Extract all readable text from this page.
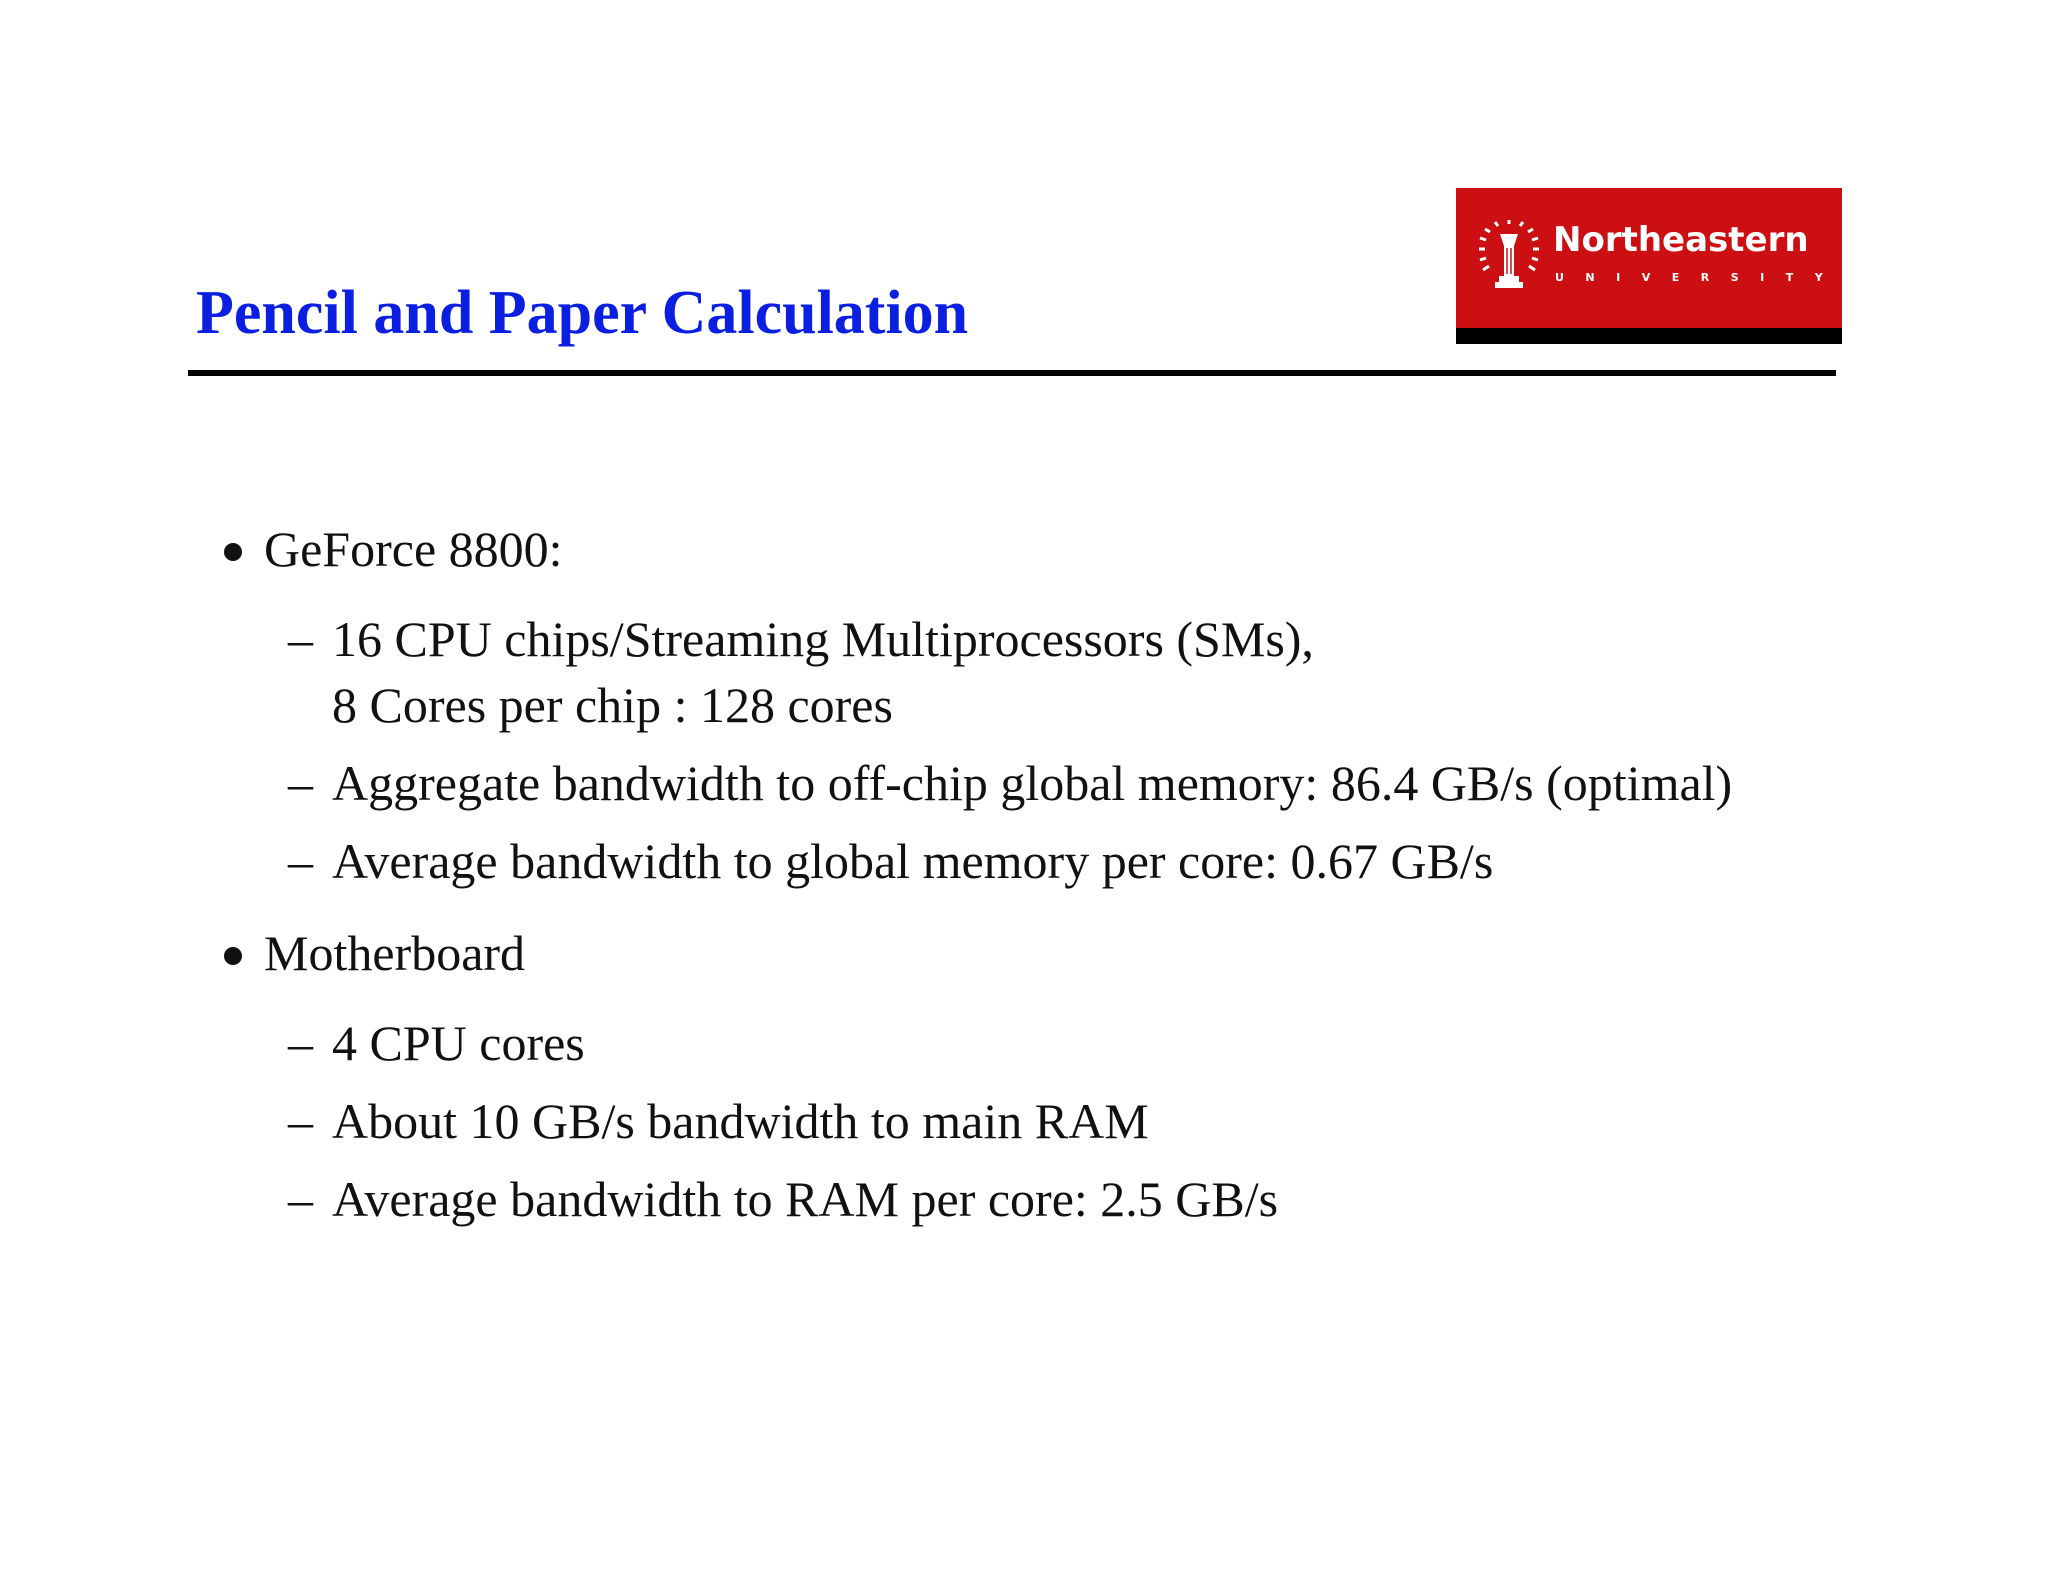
Pencil and Paper Calculation
Northeastern
UNIVERSITY
GeForce 8800:
– 16 CPU chips/Streaming Multiprocessors (SMs),
8 Cores per chip : 128 cores
– Aggregate bandwidth to off-chip global memory: 86.4 GB/s (optimal)
– Average bandwidth to global memory per core: 0.67 GB/s
Motherboard
– 4 CPU cores
– About 10 GB/s bandwidth to main RAM
– Average bandwidth to RAM per core: 2.5 GB/s
